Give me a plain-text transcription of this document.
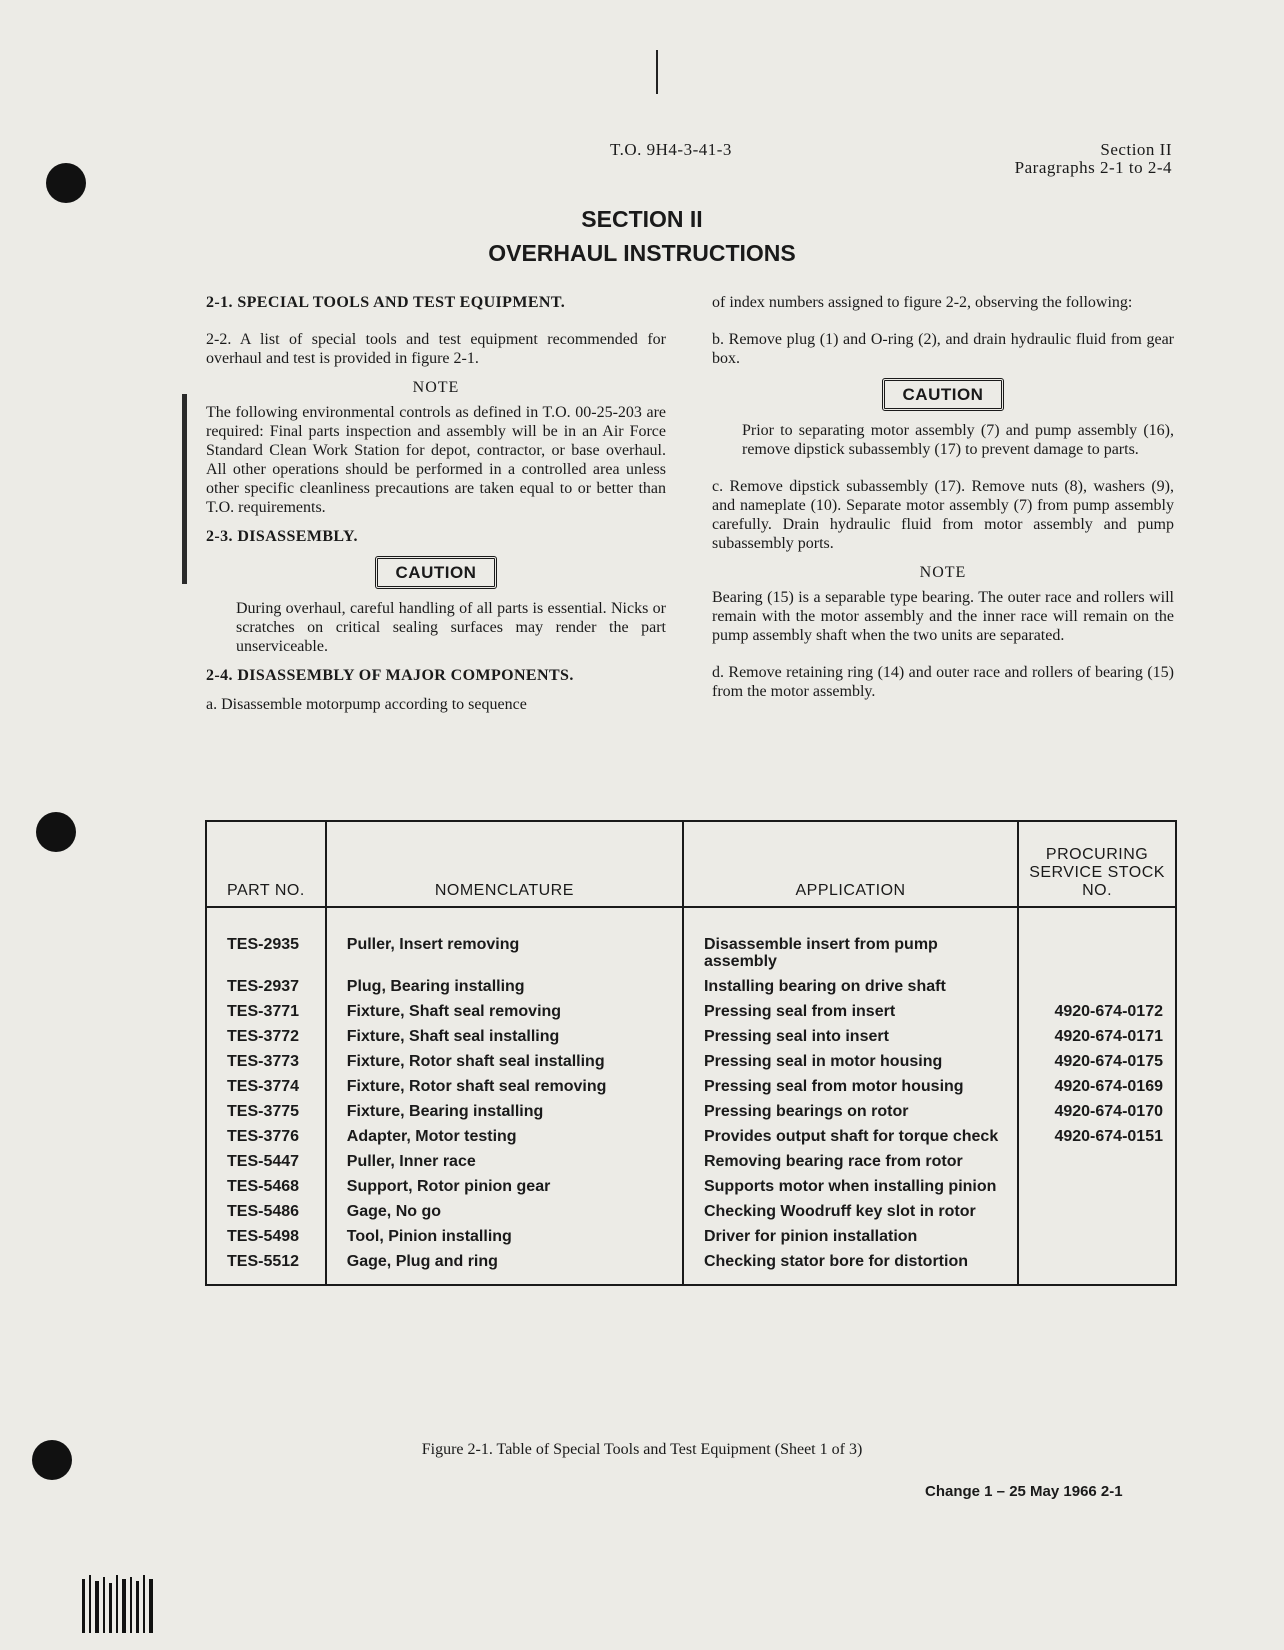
T.O. 9H4-3-41-3	Section II
Paragraphs 2-1 to 2-4
SECTION II
OVERHAUL INSTRUCTIONS

2-1. SPECIAL TOOLS AND TEST EQUIPMENT.

2-2. A list of special tools and test equipment recommended for overhaul and test is provided in figure 2-1.

NOTE

The following environmental controls as defined in T.O. 00-25-203 are required: Final parts inspection and assembly will be in an Air Force Standard Clean Work Station for depot, contractor, or base overhaul. All other operations should be performed in a controlled area unless other specific cleanliness precautions are taken equal to or better than T.O. requirements.

2-3. DISASSEMBLY.

CAUTION

During overhaul, careful handling of all parts is essential. Nicks or scratches on critical sealing surfaces may render the part unserviceable.

2-4. DISASSEMBLY OF MAJOR COMPONENTS.

a. Disassemble motorpump according to sequence

of index numbers assigned to figure 2-2, observing the following:

b. Remove plug (1) and O-ring (2), and drain hydraulic fluid from gear box.

CAUTION

Prior to separating motor assembly (7) and pump assembly (16), remove dipstick subassembly (17) to prevent damage to parts.

c. Remove dipstick subassembly (17). Remove nuts (8), washers (9), and nameplate (10). Separate motor assembly (7) from pump assembly carefully. Drain hydraulic fluid from motor assembly and pump subassembly ports.

NOTE

Bearing (15) is a separable type bearing. The outer race and rollers will remain with the motor assembly and the inner race will remain on the pump assembly shaft when the two units are separated.

d. Remove retaining ring (14) and outer race and rollers of bearing (15) from the motor assembly.

PART NO.	NOMENCLATURE	APPLICATION	PROCURING SERVICE STOCK NO.
TES-2935	Puller, Insert removing	Disassemble insert from pump assembly	
TES-2937	Plug, Bearing installing	Installing bearing on drive shaft	
TES-3771	Fixture, Shaft seal removing	Pressing seal from insert	4920-674-0172
TES-3772	Fixture, Shaft seal installing	Pressing seal into insert	4920-674-0171
TES-3773	Fixture, Rotor shaft seal installing	Pressing seal in motor housing	4920-674-0175
TES-3774	Fixture, Rotor shaft seal removing	Pressing seal from motor housing	4920-674-0169
TES-3775	Fixture, Bearing installing	Pressing bearings on rotor	4920-674-0170
TES-3776	Adapter, Motor testing	Provides output shaft for torque check	4920-674-0151
TES-5447	Puller, Inner race	Removing bearing race from rotor	
TES-5468	Support, Rotor pinion gear	Supports motor when installing pinion	
TES-5486	Gage, No go	Checking Woodruff key slot in rotor	
TES-5498	Tool, Pinion installing	Driver for pinion installation	
TES-5512	Gage, Plug and ring	Checking stator bore for distortion	
Figure 2-1. Table of Special Tools and Test Equipment (Sheet 1 of 3)
Change 1 – 25 May 1966 2-1
